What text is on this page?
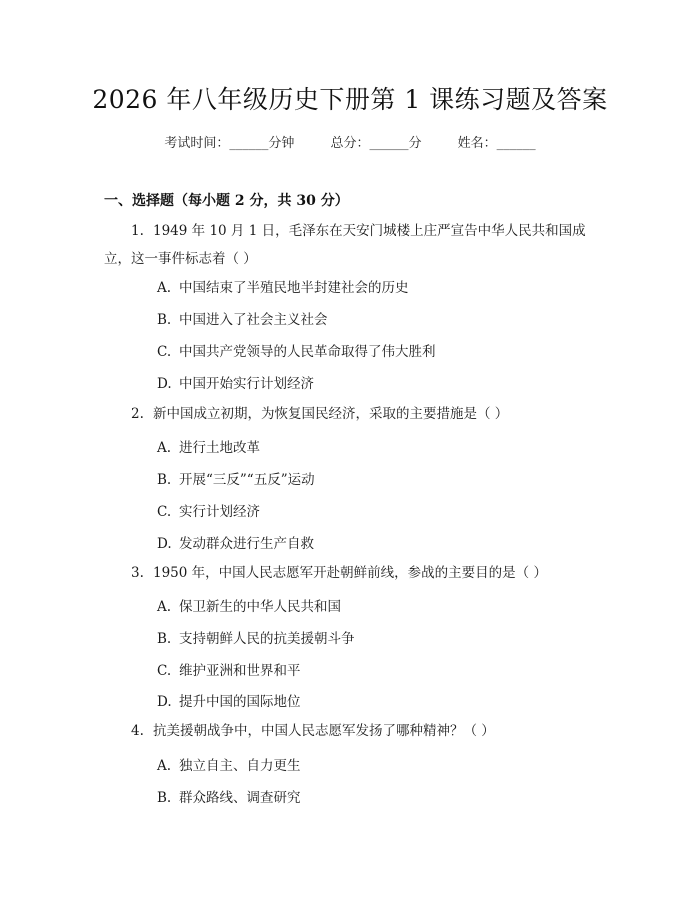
2026 年八年级历史下册第 1 课练习题及答案
考试时间：______分钟	总分：______分	姓名：______
一、选择题（每小题 2 分，共 30 分）
1. 1949 年 10 月 1 日，毛泽东在天安门城楼上庄严宣告中华人民共和国成立，这一事件标志着（ ）
A. 中国结束了半殖民地半封建社会的历史
B. 中国进入了社会主义社会
C. 中国共产党领导的人民革命取得了伟大胜利
D. 中国开始实行计划经济
2. 新中国成立初期，为恢复国民经济，采取的主要措施是（ ）
A. 进行土地改革
B. 开展“三反”“五反”运动
C. 实行计划经济
D. 发动群众进行生产自救
3. 1950 年，中国人民志愿军开赴朝鲜前线，参战的主要目的是（ ）
A. 保卫新生的中华人民共和国
B. 支持朝鲜人民的抗美援朝斗争
C. 维护亚洲和世界和平
D. 提升中国的国际地位
4. 抗美援朝战争中，中国人民志愿军发扬了哪种精神？（ ）
A. 独立自主、自力更生
B. 群众路线、调查研究
